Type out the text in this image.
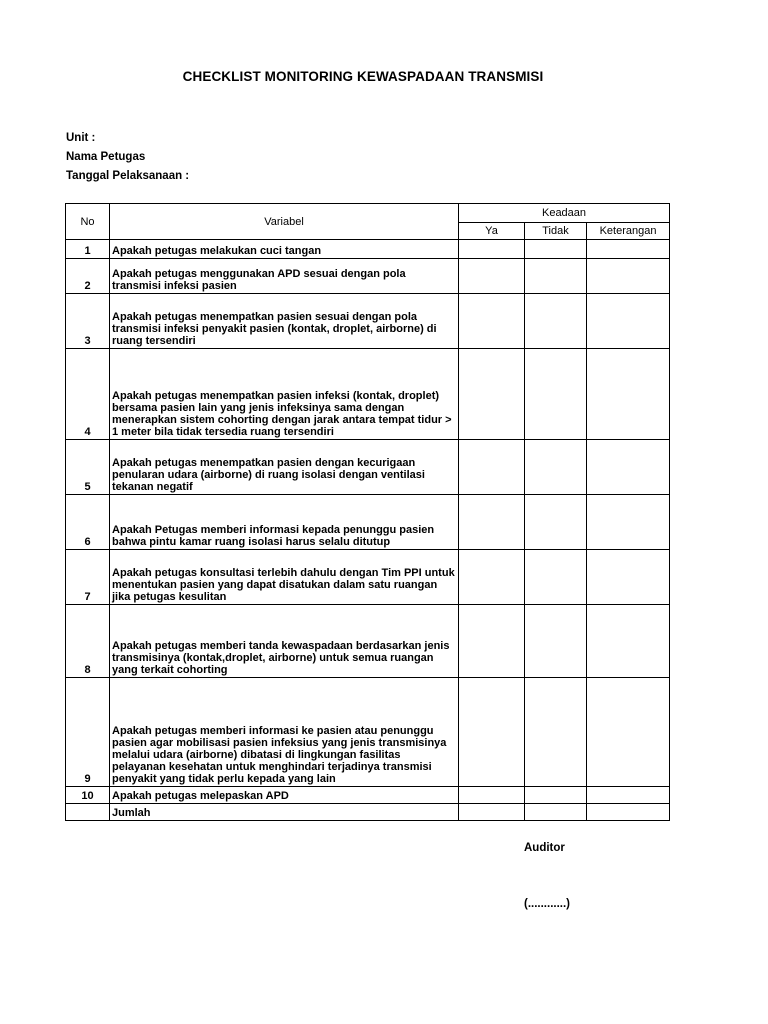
CHECKLIST MONITORING KEWASPADAAN TRANSMISI
Unit :
Nama Petugas
Tanggal Pelaksanaan :
No	Variabel	Keadaan		
		Ya	Tidak	Keterangan
1	Apakah petugas melakukan cuci tangan			
2	Apakah petugas menggunakan APD sesuai dengan pola transmisi infeksi pasien			
3	Apakah petugas menempatkan pasien sesuai dengan pola transmisi infeksi penyakit pasien (kontak, droplet, airborne) di ruang tersendiri			
4	Apakah petugas menempatkan pasien infeksi (kontak, droplet) bersama pasien lain yang jenis infeksinya sama dengan menerapkan sistem cohorting dengan jarak antara tempat tidur > 1 meter bila tidak tersedia ruang tersendiri			
5	Apakah petugas menempatkan pasien dengan kecurigaan penularan udara (airborne) di ruang isolasi dengan ventilasi tekanan negatif			
6	Apakah Petugas memberi informasi kepada penunggu pasien bahwa pintu kamar ruang isolasi harus selalu ditutup			
7	Apakah petugas konsultasi terlebih dahulu dengan Tim PPI untuk menentukan pasien yang dapat disatukan dalam satu ruangan jika petugas kesulitan			
8	Apakah petugas memberi tanda kewaspadaan berdasarkan jenis transmisinya (kontak,droplet, airborne) untuk semua ruangan yang terkait cohorting			
9	Apakah petugas memberi informasi ke pasien atau penunggu pasien agar mobilisasi pasien infeksius yang jenis transmisinya melalui udara (airborne) dibatasi di lingkungan fasilitas pelayanan kesehatan untuk menghindari terjadinya transmisi penyakit yang tidak perlu kepada yang lain			
10	Apakah petugas melepaskan APD			
	Jumlah			
Auditor
(............)
